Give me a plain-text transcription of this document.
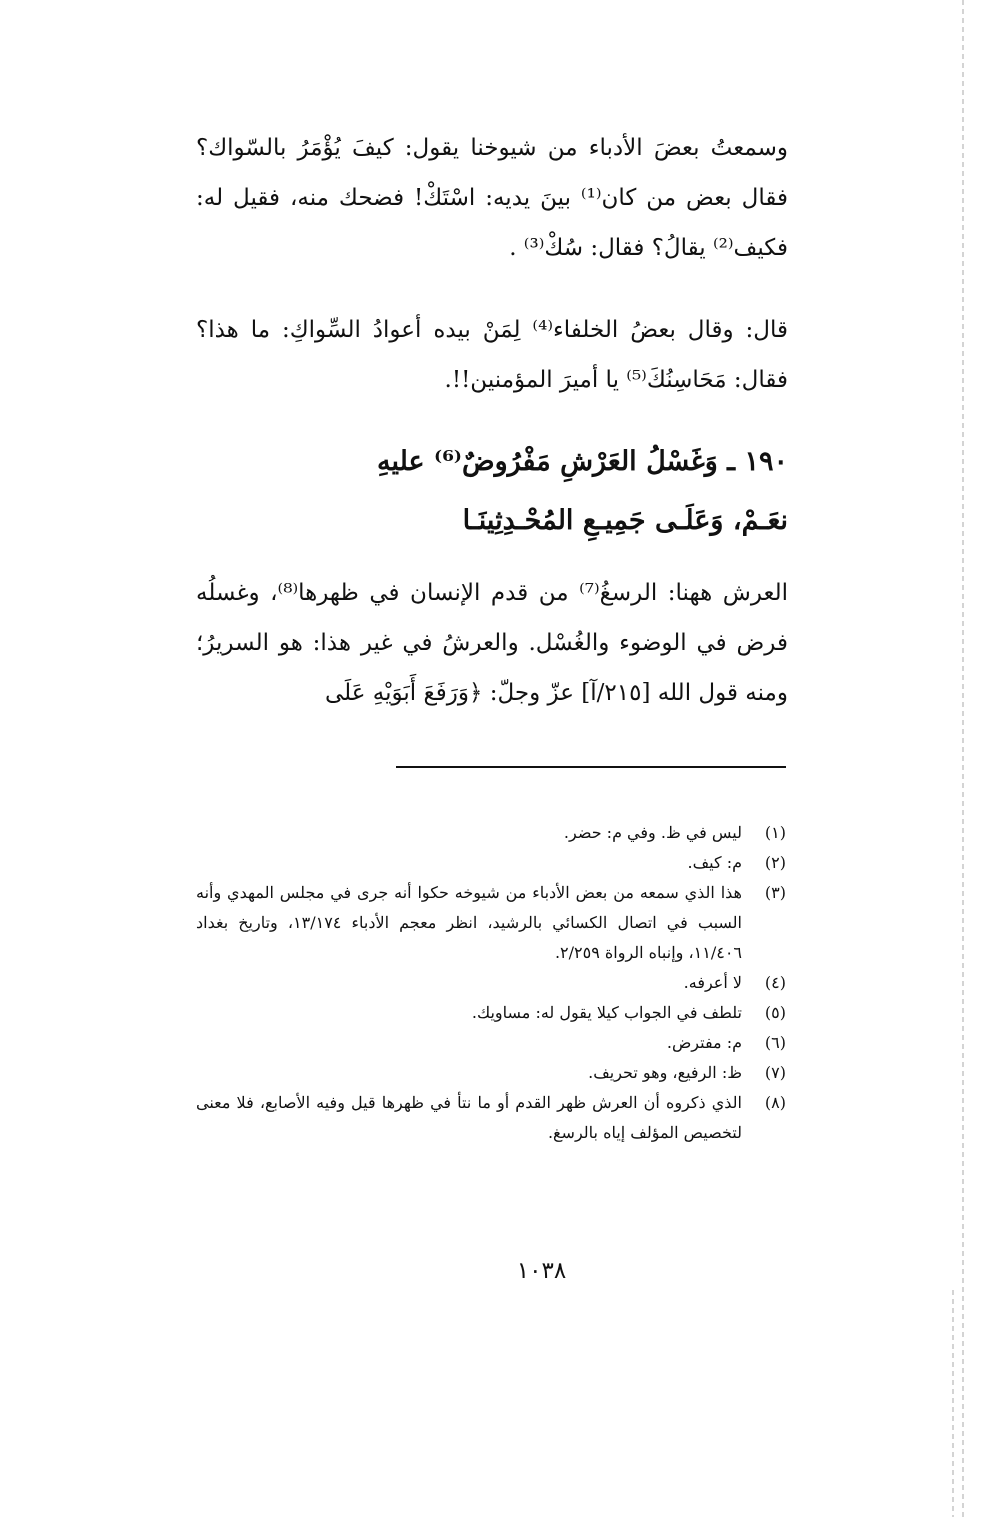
وسمعتُ بعضَ الأدباء من شيوخنا يقول: كيفَ يُؤْمَرُ بالسّواك؟ فقال بعض من كان⁽¹⁾ بينَ يديه: اسْتَكْ! فضحك منه، فقيل له: فكيف⁽²⁾ يقالُ؟ فقال: سُكْ⁽³⁾ .
قال: وقال بعضُ الخلفاء⁽⁴⁾ لِمَنْ بيده أعوادُ السِّواكِ: ما هذا؟ فقال: مَحَاسِنُكَ⁽⁵⁾ يا أميرَ المؤمنين!!.
١٩٠ ـ وَغَسْلُ العَرْشِ مَفْرُوضٌ⁽⁶⁾ عليهِ
نعَـمْ، وَعَلَـى جَمِيـعِ المُحْـدِثِينَـا
العرش ههنا: الرسغُ⁽⁷⁾ من قدم الإنسان في ظهرها⁽⁸⁾، وغسلُه فرض في الوضوء والغُسْل. والعرشُ في غير هذا: هو السريرُ؛ ومنه قول الله [٢١٥/آ] عزّ وجلّ: ﴿وَرَفَعَ أَبَوَيْهِ عَلَى
(١)
ليس في ظ. وفي م: حضر.
(٢)
م: كيف.
(٣)
هذا الذي سمعه من بعض الأدباء من شيوخه حكوا أنه جرى في مجلس المهدي وأنه السبب في اتصال الكسائي بالرشيد، انظر معجم الأدباء ١٣/١٧٤، وتاريخ بغداد ١١/٤٠٦، وإنباه الرواة ٢/٢٥٩.
(٤)
لا أعرفه.
(٥)
تلطف في الجواب كيلا يقول له: مساويك.
(٦)
م: مفترض.
(٧)
ظ: الرفيع، وهو تحريف.
(٨)
الذي ذكروه أن العرش ظهر القدم أو ما نتأ في ظهرها قيل وفيه الأصابع، فلا معنى لتخصيص المؤلف إياه بالرسغ.
١٠٣٨
